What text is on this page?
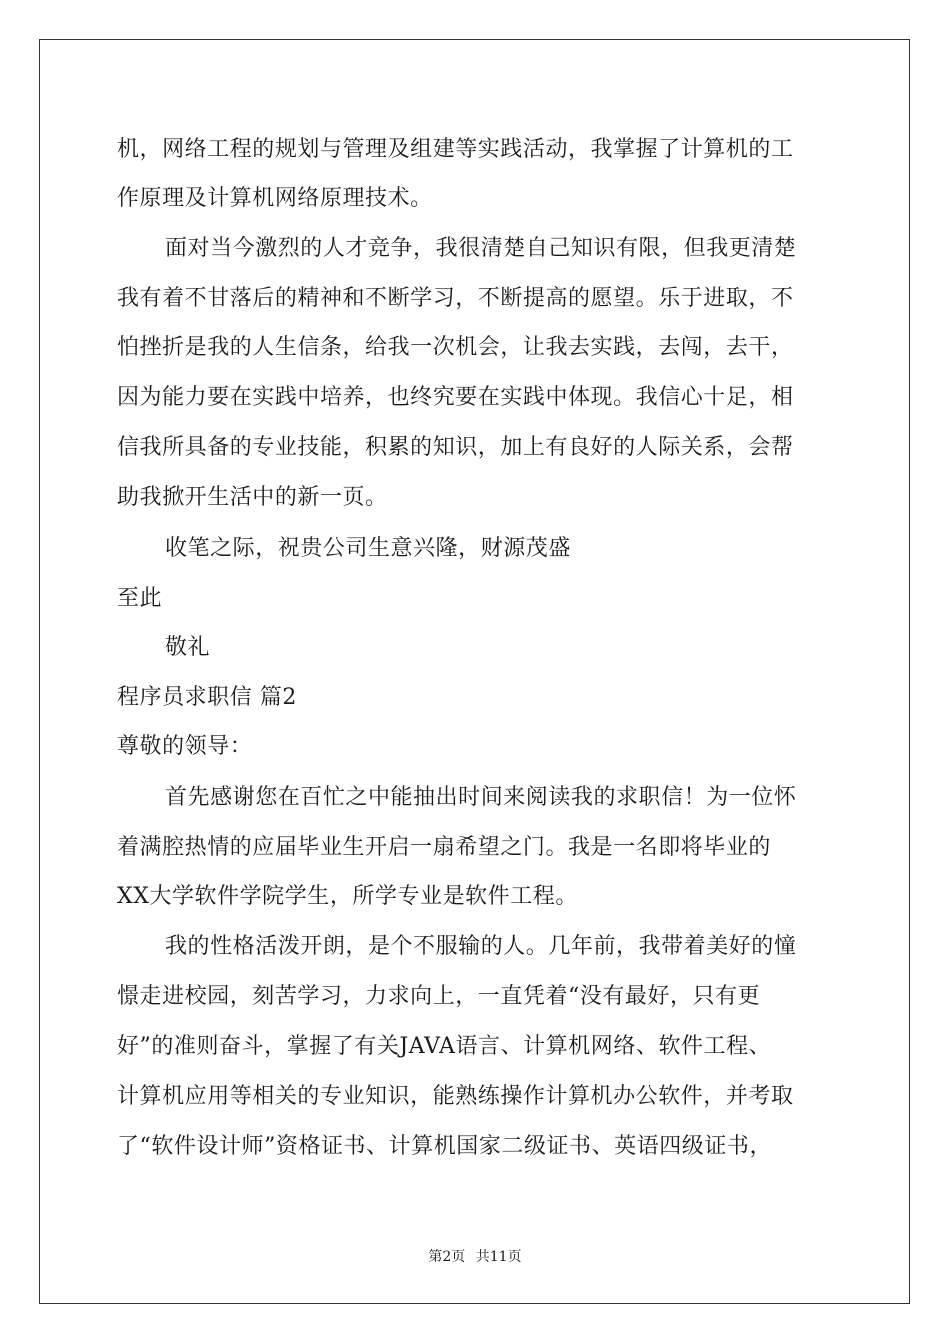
机，网络工程的规划与管理及组建等实践活动，我掌握了计算机的工
作原理及计算机网络原理技术。
面对当今激烈的人才竞争，我很清楚自己知识有限，但我更清楚
我有着不甘落后的精神和不断学习，不断提高的愿望。乐于进取，不
怕挫折是我的人生信条，给我一次机会，让我去实践，去闯，去干，
因为能力要在实践中培养，也终究要在实践中体现。我信心十足，相
信我所具备的专业技能，积累的知识，加上有良好的人际关系，会帮
助我掀开生活中的新一页。
收笔之际，祝贵公司生意兴隆，财源茂盛
至此
敬礼
程序员求职信 篇2
尊敬的领导：
首先感谢您在百忙之中能抽出时间来阅读我的求职信！为一位怀
着满腔热情的应届毕业生开启一扇希望之门。我是一名即将毕业的
XX大学软件学院学生，所学专业是软件工程。
我的性格活泼开朗，是个不服输的人。几年前，我带着美好的憧
憬走进校园，刻苦学习，力求向上，一直凭着“没有最好，只有更
好”的准则奋斗，掌握了有关JAVA语言、计算机网络、软件工程、
计算机应用等相关的专业知识，能熟练操作计算机办公软件，并考取
了“软件设计师”资格证书、计算机国家二级证书、英语四级证书，
第2页 共11页
